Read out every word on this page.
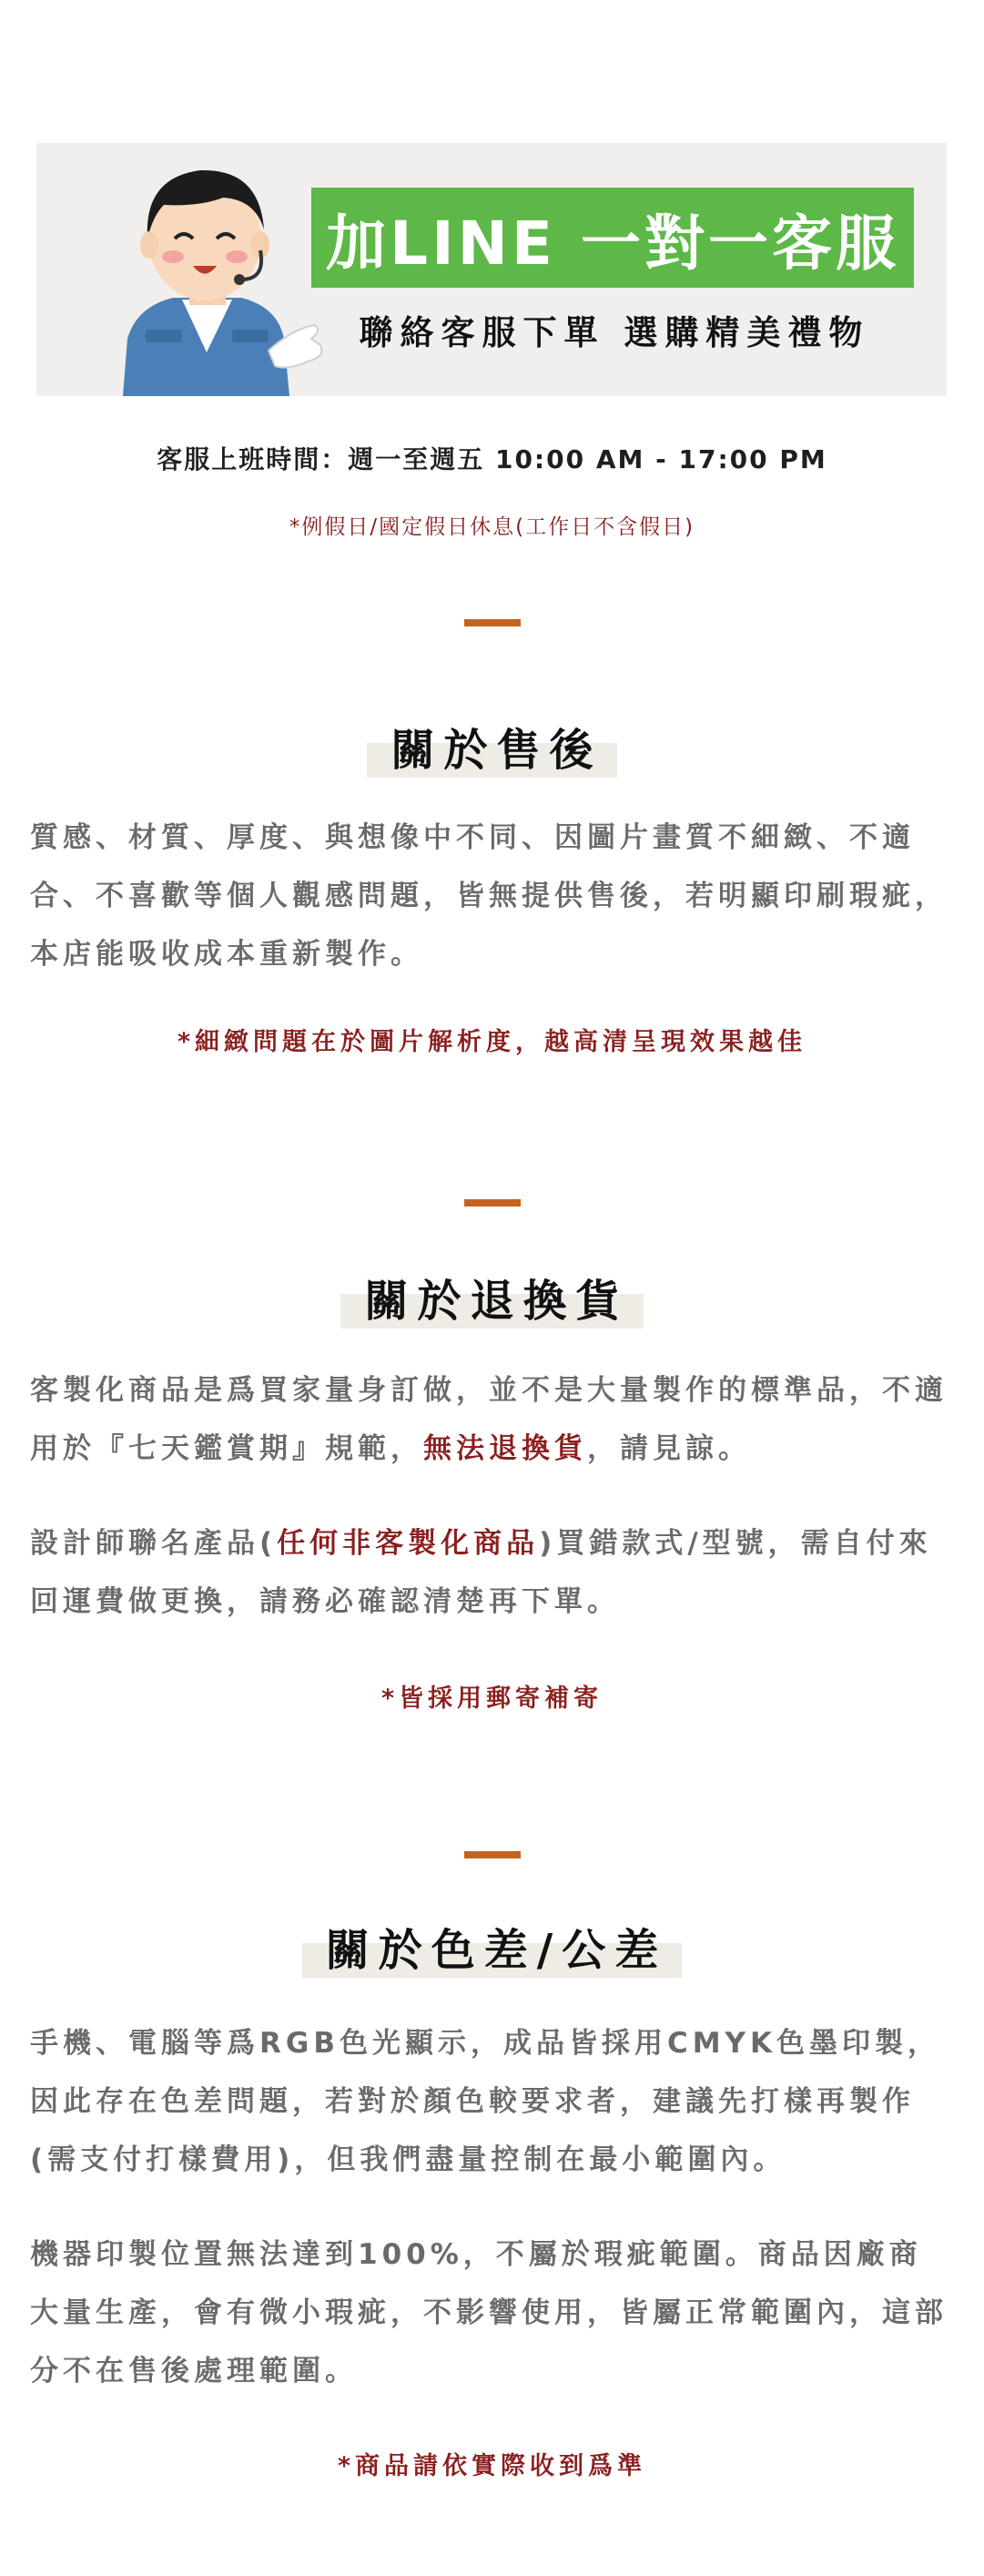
加LINE 一對一客服
聯絡客服下單 選購精美禮物
客服上班時間：週一至週五 10:00 AM - 17:00 PM
*例假日/國定假日休息(工作日不含假日)
關於售後
質感、材質、厚度、與想像中不同、因圖片畫質不細緻、不適合、不喜歡等個人觀感問題，皆無提供售後，若明顯印刷瑕疵，本店能吸收成本重新製作。
*細緻問題在於圖片解析度，越高清呈現效果越佳
關於退換貨
客製化商品是爲買家量身訂做，並不是大量製作的標準品，不適用於『七天鑑賞期』規範，無法退換貨，請見諒。
設計師聯名產品(任何非客製化商品)買錯款式/型號，需自付來回運費做更換，請務必確認清楚再下單。
*皆採用郵寄補寄
關於色差/公差
手機、電腦等爲RGB色光顯示，成品皆採用CMYK色墨印製，因此存在色差問題，若對於顏色較要求者，建議先打樣再製作 (需支付打樣費用)，但我們盡量控制在最小範圍內。
機器印製位置無法達到100%，不屬於瑕疵範圍。商品因廠商大量生產，會有微小瑕疵，不影響使用，皆屬正常範圍內，這部分不在售後處理範圍。
*商品請依實際收到爲準
